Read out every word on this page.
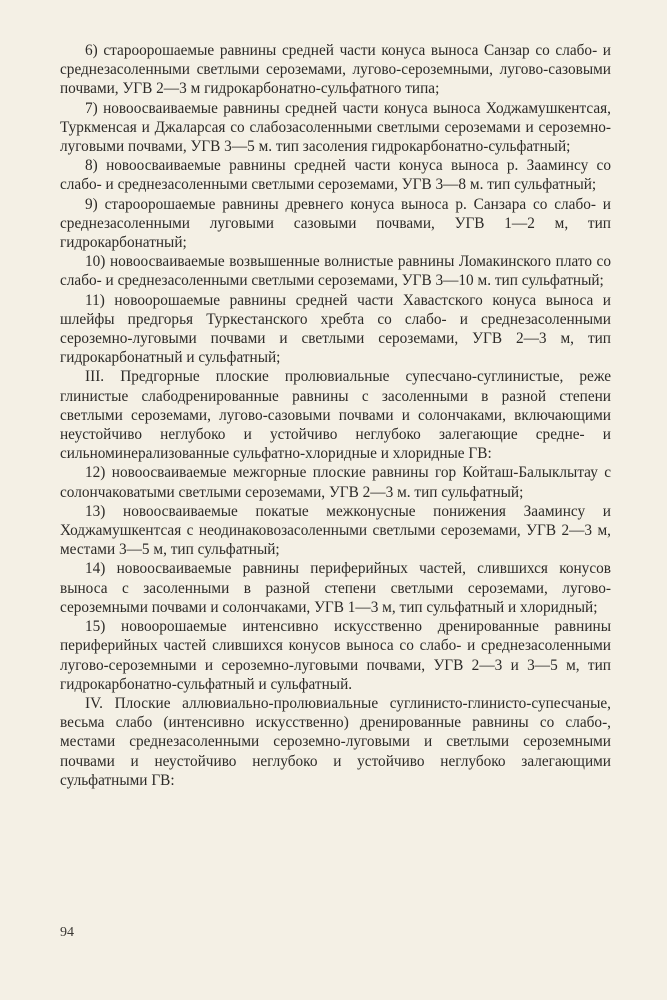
6) староорошаемые равнины средней части конуса выноса Санзар со слабо- и среднезасоленными светлыми сероземами, лугово-сероземными, лугово-сазовыми почвами, УГВ 2—3 м гидрокарбонатно-сульфатного типа;

7) новоосваиваемые равнины средней части конуса выноса Ходжамушкентсая, Туркменсая и Джаларсая со слабозасоленными светлыми сероземами и сероземно-луговыми почвами, УГВ 3—5 м. тип засоления гидрокарбонатно-сульфатный;

8) новоосваиваемые равнины средней части конуса выноса р. Зааминсу со слабо- и среднезасоленными светлыми сероземами, УГВ 3—8 м. тип сульфатный;

9) староорошаемые равнины древнего конуса выноса р. Санзара со слабо- и среднезасоленными луговыми сазовыми почвами, УГВ 1—2 м, тип гидрокарбонатный;

10) новоосваиваемые возвышенные волнистые равнины Ломакинского плато со слабо- и среднезасоленными светлыми сероземами, УГВ 3—10 м. тип сульфатный;

11) новоорошаемые равнины средней части Хавастского конуса выноса и шлейфы предгорья Туркестанского хребта со слабо- и среднезасоленными сероземно-луговыми почвами и светлыми сероземами, УГВ 2—3 м, тип гидрокарбонатный и сульфатный;

III. Предгорные плоские пролювиальные супесчано-суглинистые, реже глинистые слабодренированные равнины с засоленными в разной степени светлыми сероземами, лугово-сазовыми почвами и солончаками, включающими неустойчиво неглубоко и устойчиво неглубоко залегающие средне- и сильноминерализованные сульфатно-хлоридные и хлоридные ГВ:

12) новоосваиваемые межгорные плоские равнины гор Койташ-Балыклытау с солончаковатыми светлыми сероземами, УГВ 2—3 м. тип сульфатный;

13) новоосваиваемые покатые межконусные понижения Зааминсу и Ходжамушкентсая с неодинаковозасоленными светлыми сероземами, УГВ 2—3 м, местами 3—5 м, тип сульфатный;

14) новоосваиваемые равнины периферийных частей, слившихся конусов выноса с засоленными в разной степени светлыми сероземами, лугово-сероземными почвами и солончаками, УГВ 1—3 м, тип сульфатный и хлоридный;

15) новоорошаемые интенсивно искусственно дренированные равнины периферийных частей слившихся конусов выноса со слабо- и среднезасоленными лугово-сероземными и сероземно-луговыми почвами, УГВ 2—3 и 3—5 м, тип гидрокарбонатно-сульфатный и сульфатный.

IV. Плоские аллювиально-пролювиальные суглинисто-глинисто-супесчаные, весьма слабо (интенсивно искусственно) дренированные равнины со слабо-, местами среднезасоленными сероземно-луговыми и светлыми сероземными почвами и неустойчиво неглубоко и устойчиво неглубоко залегающими сульфатными ГВ:

94
